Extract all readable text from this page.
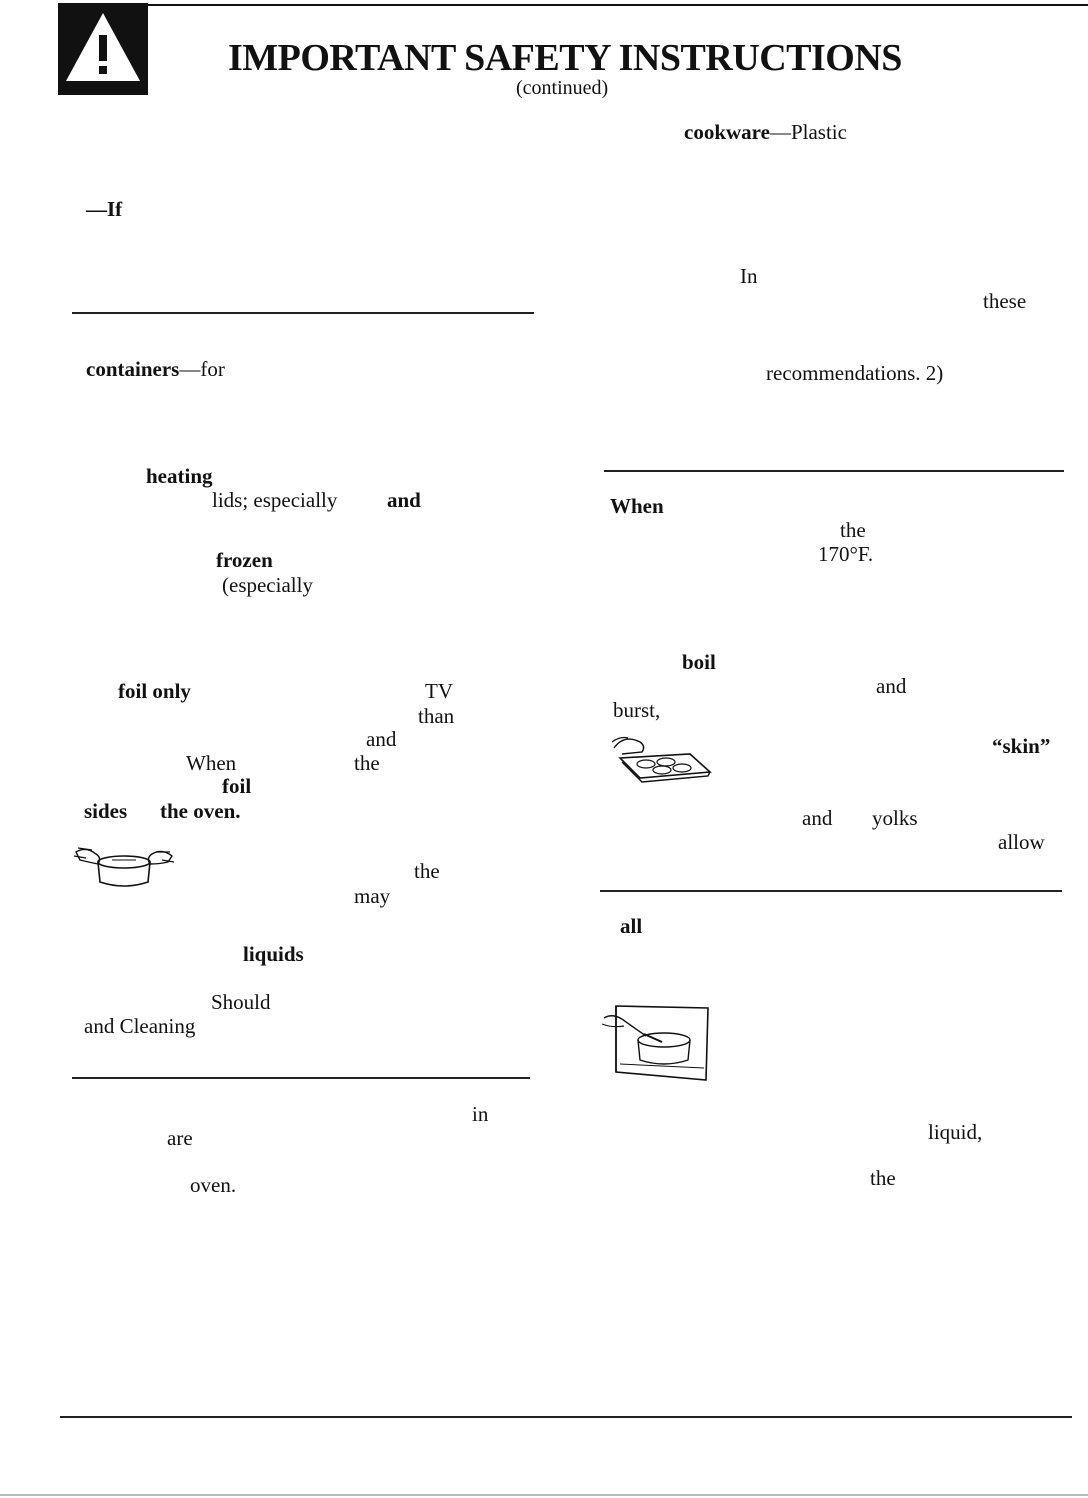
IMPORTANT SAFETY INSTRUCTIONS
(continued)
—If
containers—for
heating
lids; especially and
frozen
(especially
foil only	TV
than
and
When	the
foil
sides the oven.
the
may
liquids
Should
and Cleaning
in
are
oven.
cookware—Plastic
In
these
recommendations. 2)
When
the
170°F.
boil
and
burst,
“skin”
and yolks
allow
all
liquid,
the
